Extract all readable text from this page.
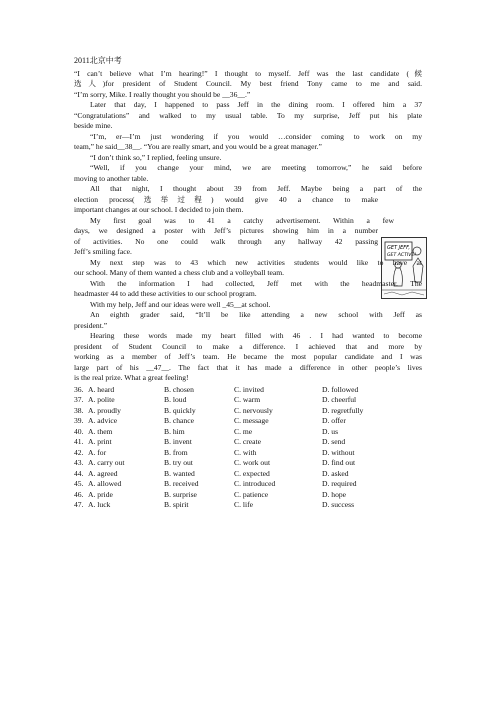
GET JEFF,
GET ACTIVE!
2011北京中考
“I can’t believe what I’m hearing!” I thought to myself. Jeff was the last candidate (候
选人)for president of Student Council. My best friend Tony came to me and said.
“I’m sorry, Mike. I really thought you should be __36__.”
Later that day, I happened to pass Jeff in the dining room. I offered him a 37
“Congratulations” and walked to my usual table. To my surprise, Jeff put his plate
beside mine.
“I’m, er—I’m just wondering if you would …consider coming to work on my
team,” he said__38__. “You are really smart, and you would be a great manager.”
“I don’t think so,” I replied, feeling unsure.
“Well, if you change your mind, we are meeting tomorrow,” he said before
moving to another table.
All that night, I thought about 39 from Jeff. Maybe being a part of the
election process(选举过程) would give 40 a chance to make
important changes at our school. I decided to join them.
My first goal was to 41 a catchy advertisement. Within a few
days, we designed a poster with Jeff’s pictures showing him in a number
of activities. No one could walk through any hallway 42 passing
Jeff’s smiling face.
My next step was to 43 which new activities students would like to have at
our school. Many of them wanted a chess club and a volleyball team.
With the information I had collected, Jeff met with the headmaster. The
headmaster 44 to add these activities to our school program.
With my help, Jeff and our ideas were well _45__at school.
An eighth grader said, “It’ll be like attending a new school with Jeff as
president.”
Hearing these words made my heart filled with 46 . I had wanted to become
president of Student Council to make a difference. I achieved that and more by
working as a member of Jeff’s team. He became the most popular candidate and I was
large part of his __47__. The fact that it has made a difference in other people’s lives
is the real prize. What a great feeling!
36. A. heard	B. chosen	C. invited	D. followed
37. A. polite	B. loud	C. warm	D. cheerful
38. A. proudly	B. quickly	C. nervously	D. regretfully
39. A. advice	B. chance	C. message	D. offer
40. A. them	B. him	C. me	D. us
41. A. print	B. invent	C. create	D. send
42. A. for	B. from	C. with	D. without
43. A. carry out	B. try out	C. work out	D. find out
44. A. agreed	B. wanted	C. expected	D. asked
45. A. allowed	B. received	C. introduced	D. required
46. A. pride	B. surprise	C. patience	D. hope
47. A. luck	B. spirit	C. life	D. success
